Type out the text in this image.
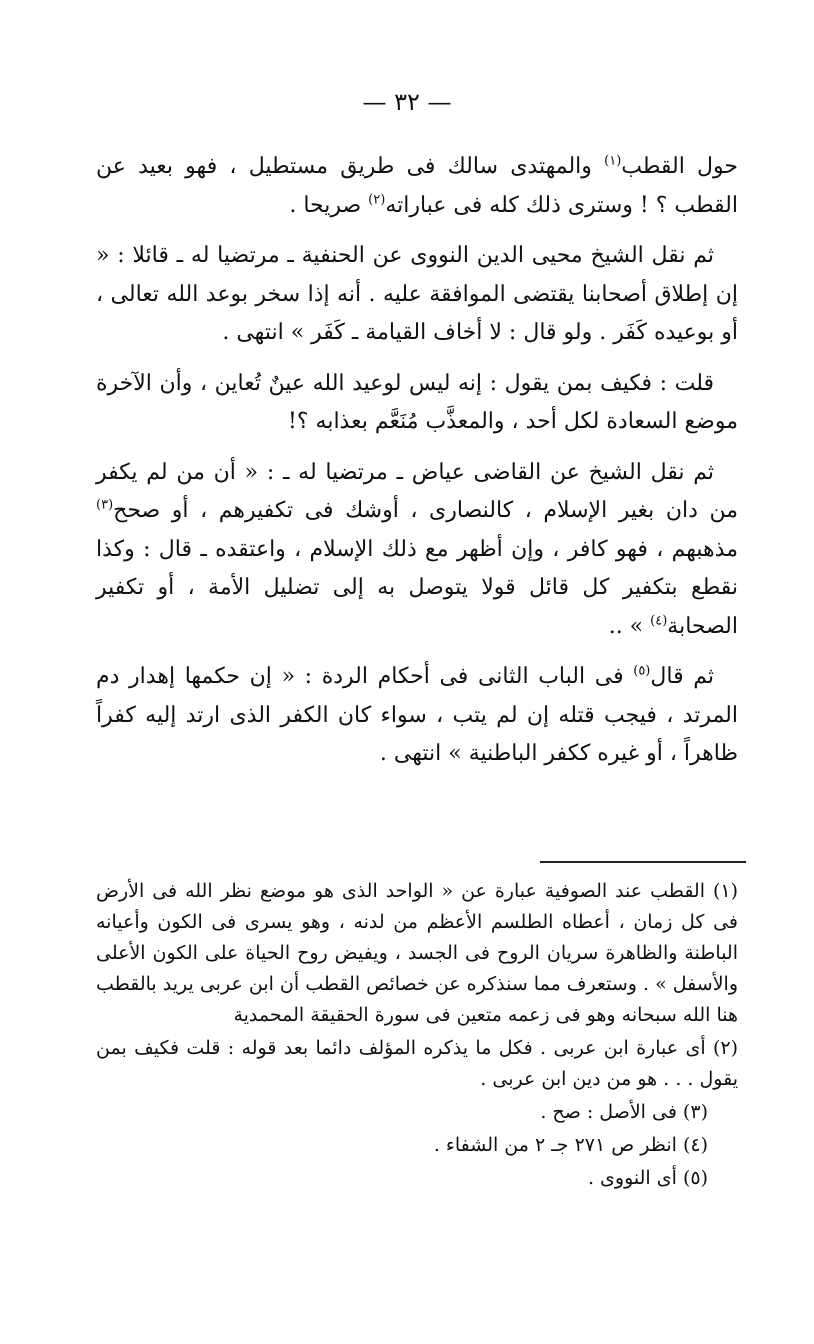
— ٣٢ —

حول القطب$^{(١)}$ والمهتدى سالك فى طريق مستطيل ، فهو بعيد عن القطب ؟ ! وسترى ذلك كله فى عباراته$^{(٢)}$ صريحا .

ثم نقل الشيخ محيى الدين النووى عن الحنفية ـ مرتضيا له ـ قائلا : « إن إطلاق أصحابنا يقتضى الموافقة عليه . أنه إذا سخر بوعد الله تعالى ، أو بوعيده كَفَر . ولو قال : لا أخاف القيامة ـ كَفَر » انتهى .

قلت : فكيف بمن يقول : إنه ليس لوعيد الله عينٌ تُعاين ، وأن الآخرة موضع السعادة لكل أحد ، والمعذَّب مُنَعَّم بعذابه ؟!

ثم نقل الشيخ عن القاضى عياض ـ مرتضيا له ـ : « أن من لم يكفر من دان بغير الإسلام ، كالنصارى ، أوشك فى تكفيرهم ، أو صحح$^{(٣)}$ مذهبهم ، فهو كافر ، وإن أظهر مع ذلك الإسلام ، واعتقده ـ قال : وكذا نقطع بتكفير كل قائل قولا يتوصل به إلى تضليل الأمة ، أو تكفير الصحابة$^{(٤)}$ » ..

ثم قال$^{(٥)}$ فى الباب الثانى فى أحكام الردة : « إن حكمها إهدار دم المرتد ، فيجب قتله إن لم يتب ، سواء كان الكفر الذى ارتد إليه كفراً ظاهراً ، أو غيره ككفر الباطنية » انتهى .

(١) القطب عند الصوفية عبارة عن « الواحد الذى هو موضع نظر الله فى الأرض فى كل زمان ، أعطاه الطلسم الأعظم من لدنه ، وهو يسرى فى الكون وأعيانه الباطنة والظاهرة سريان الروح فى الجسد ، ويفيض روح الحياة على الكون الأعلى والأسفل » . وستعرف مما سنذكره عن خصائص القطب أن ابن عربى يريد بالقطب هنا الله سبحانه وهو فى زعمه متعين فى سورة الحقيقة المحمدية

(٢) أى عبارة ابن عربى . فكل ما يذكره المؤلف دائما بعد قوله : قلت فكيف بمن يقول . . . هو من دين ابن عربى .

(٣) فى الأصل : صح .

(٤) انظر ص ٢٧١ جـ ٢ من الشفاء .

(٥) أى النووى .
